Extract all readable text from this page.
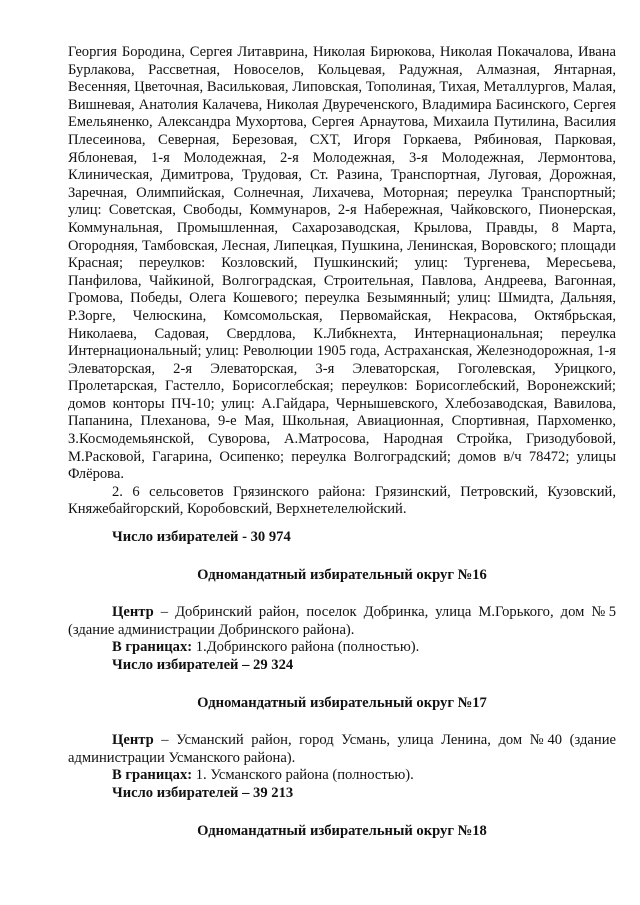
Георгия Бородина, Сергея Литаврина, Николая Бирюкова, Николая Покачалова, Ивана Бурлакова, Рассветная, Новоселов, Кольцевая, Радужная, Алмазная, Янтарная, Весенняя, Цветочная, Васильковая, Липовская, Тополиная, Тихая, Металлургов, Малая, Вишневая, Анатолия Калачева, Николая Двуреченского, Владимира Басинского, Сергея Емельяненко, Александра Мухортова, Сергея Арнаутова, Михаила Путилина, Василия Плесеинова, Северная, Березовая, СХТ, Игоря Горкаева, Рябиновая, Парковая, Яблоневая, 1-я Молодежная, 2-я Молодежная, 3-я Молодежная, Лермонтова, Клиническая, Димитрова, Трудовая, Ст. Разина, Транспортная, Луговая, Дорожная, Заречная, Олимпийская, Солнечная, Лихачева, Моторная; переулка Транспортный; улиц: Советская, Свободы, Коммунаров, 2-я Набережная, Чайковского, Пионерская, Коммунальная, Промышленная, Сахарозаводская, Крылова, Правды, 8 Марта, Огородняя, Тамбовская, Лесная, Липецкая, Пушкина, Ленинская, Воровского; площади Красная; переулков: Козловский, Пушкинский; улиц: Тургенева, Мересьева, Панфилова, Чайкиной, Волгоградская, Строительная, Павлова, Андреева, Вагонная, Громова, Победы, Олега Кошевого; переулка Безымянный; улиц: Шмидта, Дальняя, Р.Зорге, Челюскина, Комсомольская, Первомайская, Некрасова, Октябрьская, Николаева, Садовая, Свердлова, К.Либкнехта, Интернациональная; переулка Интернациональный; улиц: Революции 1905 года, Астраханская, Железнодорожная, 1-я Элеваторская, 2-я Элеваторская, 3-я Элеваторская, Гоголевская, Урицкого, Пролетарская, Гастелло, Борисоглебская; переулков: Борисоглебский, Воронежский; домов конторы ПЧ-10; улиц: А.Гайдара, Чернышевского, Хлебозаводская, Вавилова, Папанина, Плеханова, 9-е Мая, Школьная, Авиационная, Спортивная, Пархоменко, З.Космодемьянской, Суворова, А.Матросова, Народная Стройка, Гризодубовой, М.Расковой, Гагарина, Осипенко; переулка Волгоградский; домов в/ч 78472; улицы Флёрова.

2. 6 сельсоветов Грязинского района: Грязинский, Петровский, Кузовский, Княжебайгорский, Коробовский, Верхнетелелюйский.

Число избирателей - 30 974

Одномандатный избирательный округ №16

Центр – Добринский район, поселок Добринка, улица М.Горького, дом №5 (здание администрации Добринского района).

В границах: 1.Добринского района (полностью).

Число избирателей – 29 324

Одномандатный избирательный округ №17

Центр – Усманский район, город Усмань, улица Ленина, дом №40 (здание администрации Усманского района).

В границах: 1. Усманского района (полностью).

Число избирателей – 39 213

Одномандатный избирательный округ №18
